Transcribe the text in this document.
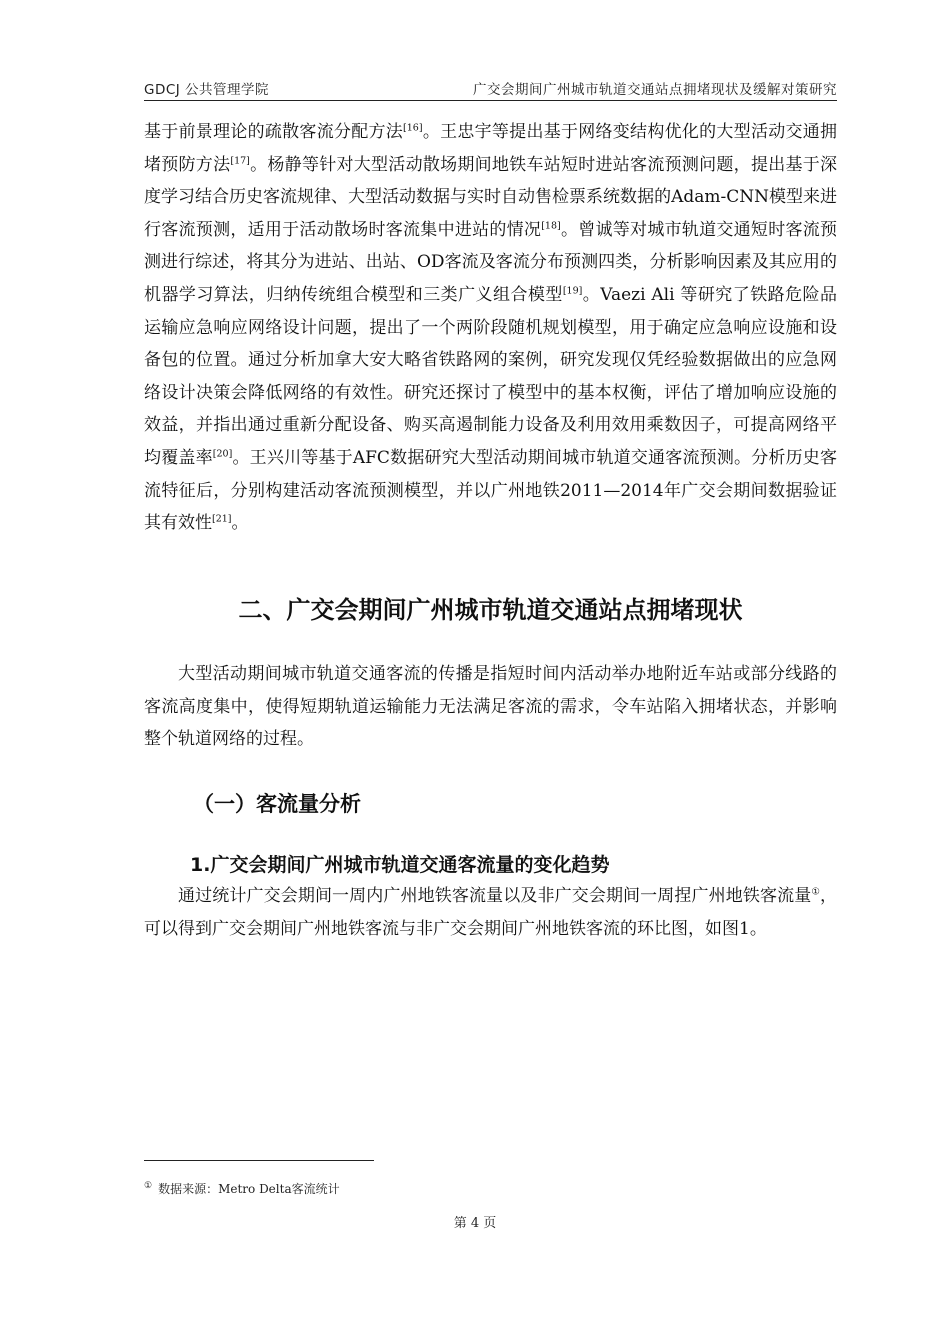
GDCJ 公共管理学院	广交会期间广州城市轨道交通站点拥堵现状及缓解对策研究

基于前景理论的疏散客流分配方法[16]。王忠宇等提出基于网络变结构优化的大型活动交通拥堵预防方法[17]。杨静等针对大型活动散场期间地铁车站短时进站客流预测问题，提出基于深度学习结合历史客流规律、大型活动数据与实时自动售检票系统数据的Adam-CNN模型来进行客流预测，适用于活动散场时客流集中进站的情况[18]。曾诚等对城市轨道交通短时客流预测进行综述，将其分为进站、出站、OD客流及客流分布预测四类，分析影响因素及其应用的机器学习算法，归纳传统组合模型和三类广义组合模型[19]。Vaezi Ali 等研究了铁路危险品运输应急响应网络设计问题，提出了一个两阶段随机规划模型，用于确定应急响应设施和设备包的位置。通过分析加拿大安大略省铁路网的案例，研究发现仅凭经验数据做出的应急网络设计决策会降低网络的有效性。研究还探讨了模型中的基本权衡，评估了增加响应设施的效益，并指出通过重新分配设备、购买高遏制能力设备及利用效用乘数因子，可提高网络平均覆盖率[20]。王兴川等基于AFC数据研究大型活动期间城市轨道交通客流预测。分析历史客流特征后，分别构建活动客流预测模型，并以广州地铁2011—2014年广交会期间数据验证其有效性[21]。

二、广交会期间广州城市轨道交通站点拥堵现状

大型活动期间城市轨道交通客流的传播是指短时间内活动举办地附近车站或部分线路的客流高度集中，使得短期轨道运输能力无法满足客流的需求，令车站陷入拥堵状态，并影响整个轨道网络的过程。

（一）客流量分析
1.广交会期间广州城市轨道交通客流量的变化趋势

通过统计广交会期间一周内广州地铁客流量以及非广交会期间一周捏广州地铁客流量①，可以得到广交会期间广州地铁客流与非广交会期间广州地铁客流的环比图，如图1。

① 数据来源：Metro Delta客流统计
第 4 页
